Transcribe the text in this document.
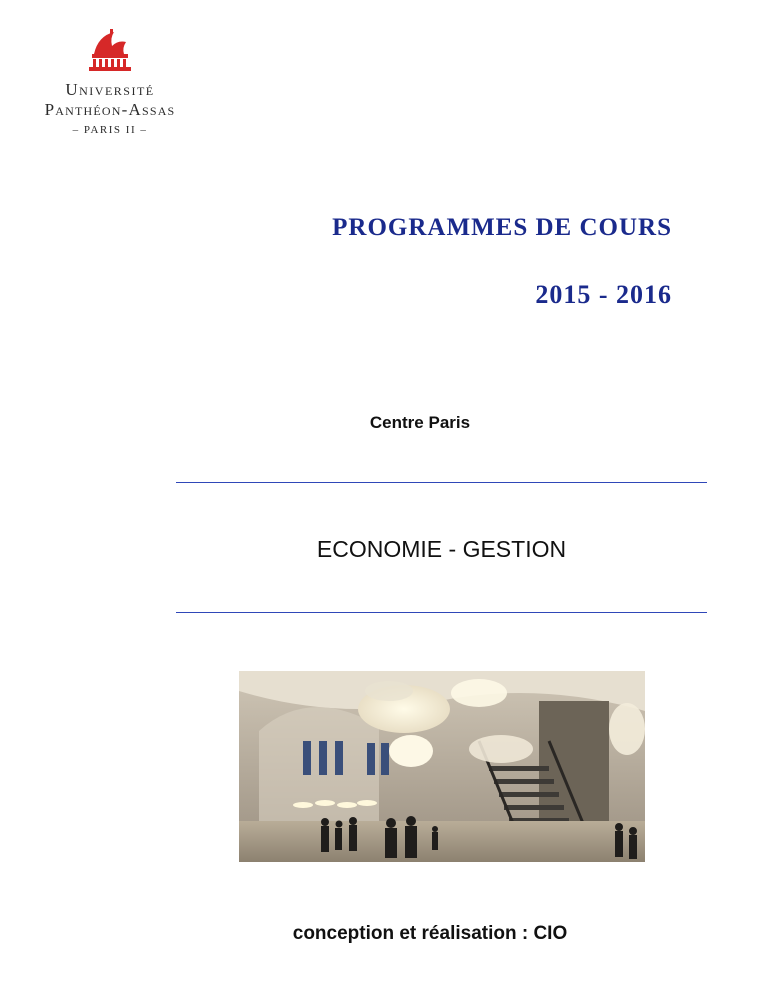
Université
Panthéon-Assas
– PARIS II –
PROGRAMMES DE COURS
2015 - 2016
Centre Paris
ECONOMIE - GESTION
conception et réalisation : CIO
